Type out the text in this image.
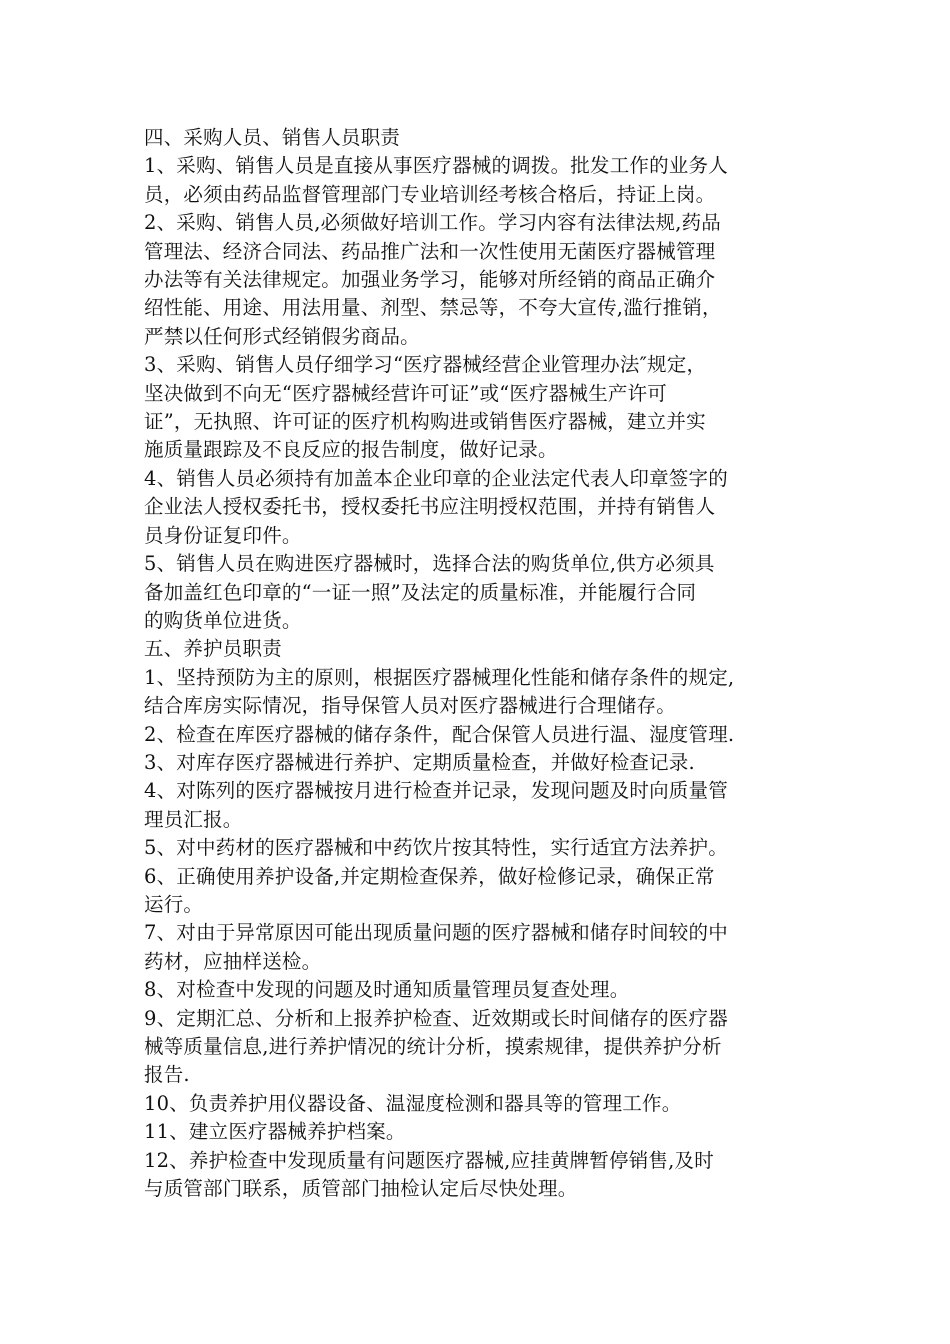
四、采购人员、销售人员职责
1、采购、销售人员是直接从事医疗器械的调拨。批发工作的业务人
员，必须由药品监督管理部门专业培训经考核合格后，持证上岗。
2、采购、销售人员,必须做好培训工作。学习内容有法律法规,药品
管理法、经济合同法、药品推广法和一次性使用无菌医疗器械管理
办法等有关法律规定。加强业务学习，能够对所经销的商品正确介
绍性能、用途、用法用量、剂型、禁忌等，不夸大宣传,滥行推销，
严禁以任何形式经销假劣商品。
3、采购、销售人员仔细学习“医疗器械经营企业管理办法″规定，
坚决做到不向无“医疗器械经营许可证”或“医疗器械生产许可
证”，无执照、许可证的医疗机构购进或销售医疗器械，建立并实
施质量跟踪及不良反应的报告制度，做好记录。
4、销售人员必须持有加盖本企业印章的企业法定代表人印章签字的
企业法人授权委托书，授权委托书应注明授权范围，并持有销售人
员身份证复印件。
5、销售人员在购进医疗器械时，选择合法的购货单位,供方必须具
备加盖红色印章的“一证一照”及法定的质量标准，并能履行合同
的购货单位进货。
五、养护员职责
1、坚持预防为主的原则，根据医疗器械理化性能和储存条件的规定,
结合库房实际情况，指导保管人员对医疗器械进行合理储存。
2、检查在库医疗器械的储存条件，配合保管人员进行温、湿度管理.
3、对库存医疗器械进行养护、定期质量检查，并做好检查记录.
4、对陈列的医疗器械按月进行检查并记录，发现问题及时向质量管
理员汇报。
5、对中药材的医疗器械和中药饮片按其特性，实行适宜方法养护。
6、正确使用养护设备,并定期检查保养，做好检修记录，确保正常
运行。
7、对由于异常原因可能出现质量问题的医疗器械和储存时间较的中
药材，应抽样送检。
8、对检查中发现的问题及时通知质量管理员复查处理。
9、定期汇总、分析和上报养护检查、近效期或长时间储存的医疗器
械等质量信息,进行养护情况的统计分析，摸索规律，提供养护分析
报告.
10、负责养护用仪器设备、温湿度检测和器具等的管理工作。
11、建立医疗器械养护档案。
12、养护检查中发现质量有问题医疗器械,应挂黄牌暂停销售,及时
与质管部门联系，质管部门抽检认定后尽快处理。
